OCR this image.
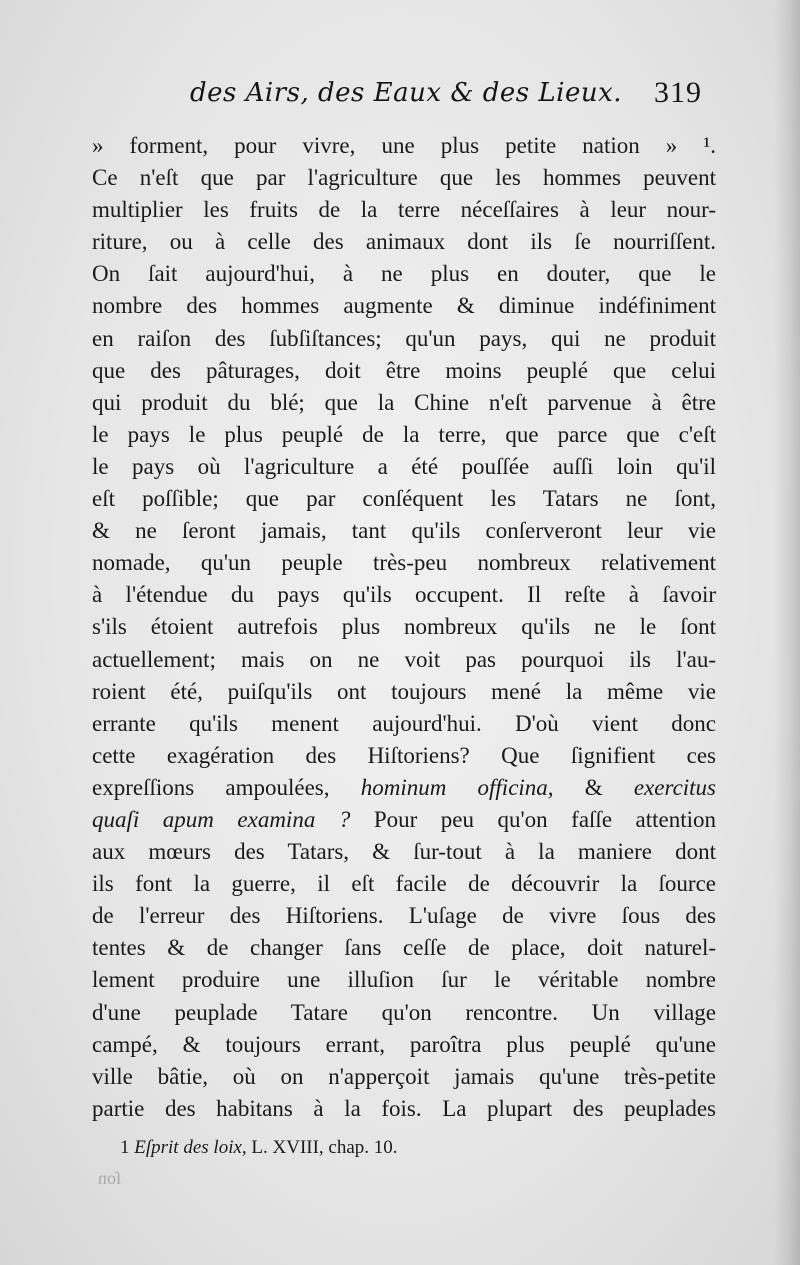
des Airs, des Eaux & des Lieux.	319
» forment, pour vivre, une plus petite nation » ¹.
Ce n'eſt que par l'agriculture que les hommes peuvent
multiplier les fruits de la terre néceſſaires à leur nour-
riture, ou à celle des animaux dont ils ſe nourriſſent.
On ſait aujourd'hui, à ne plus en douter, que le
nombre des hommes augmente & diminue indéfiniment
en raiſon des ſubſiſtances; qu'un pays, qui ne produit
que des pâturages, doit être moins peuplé que celui
qui produit du blé; que la Chine n'eſt parvenue à être
le pays le plus peuplé de la terre, que parce que c'eſt
le pays où l'agriculture a été pouſſée auſſi loin qu'il
eſt poſſible; que par conſéquent les Tatars ne ſont,
& ne ſeront jamais, tant qu'ils conſerveront leur vie
nomade, qu'un peuple très-peu nombreux relativement
à l'étendue du pays qu'ils occupent. Il reſte à ſavoir
s'ils étoient autrefois plus nombreux qu'ils ne le ſont
actuellement; mais on ne voit pas pourquoi ils l'au-
roient été, puiſqu'ils ont toujours mené la même vie
errante qu'ils menent aujourd'hui. D'où vient donc
cette exagération des Hiſtoriens? Que ſignifient ces
expreſſions ampoulées, hominum officina, & exercitus
quaſi apum examina ? Pour peu qu'on faſſe attention
aux mœurs des Tatars, & ſur-tout à la maniere dont
ils font la guerre, il eſt facile de découvrir la ſource
de l'erreur des Hiſtoriens. L'uſage de vivre ſous des
tentes & de changer ſans ceſſe de place, doit naturel-
lement produire une illuſion ſur le véritable nombre
d'une peuplade Tatare qu'on rencontre. Un village
campé, & toujours errant, paroîtra plus peuplé qu'une
ville bâtie, où on n'apperçoit jamais qu'une très-petite
partie des habitans à la fois. La plupart des peuplades
1 Eſprit des loix, L. XVIII, chap. 10.
ſon
